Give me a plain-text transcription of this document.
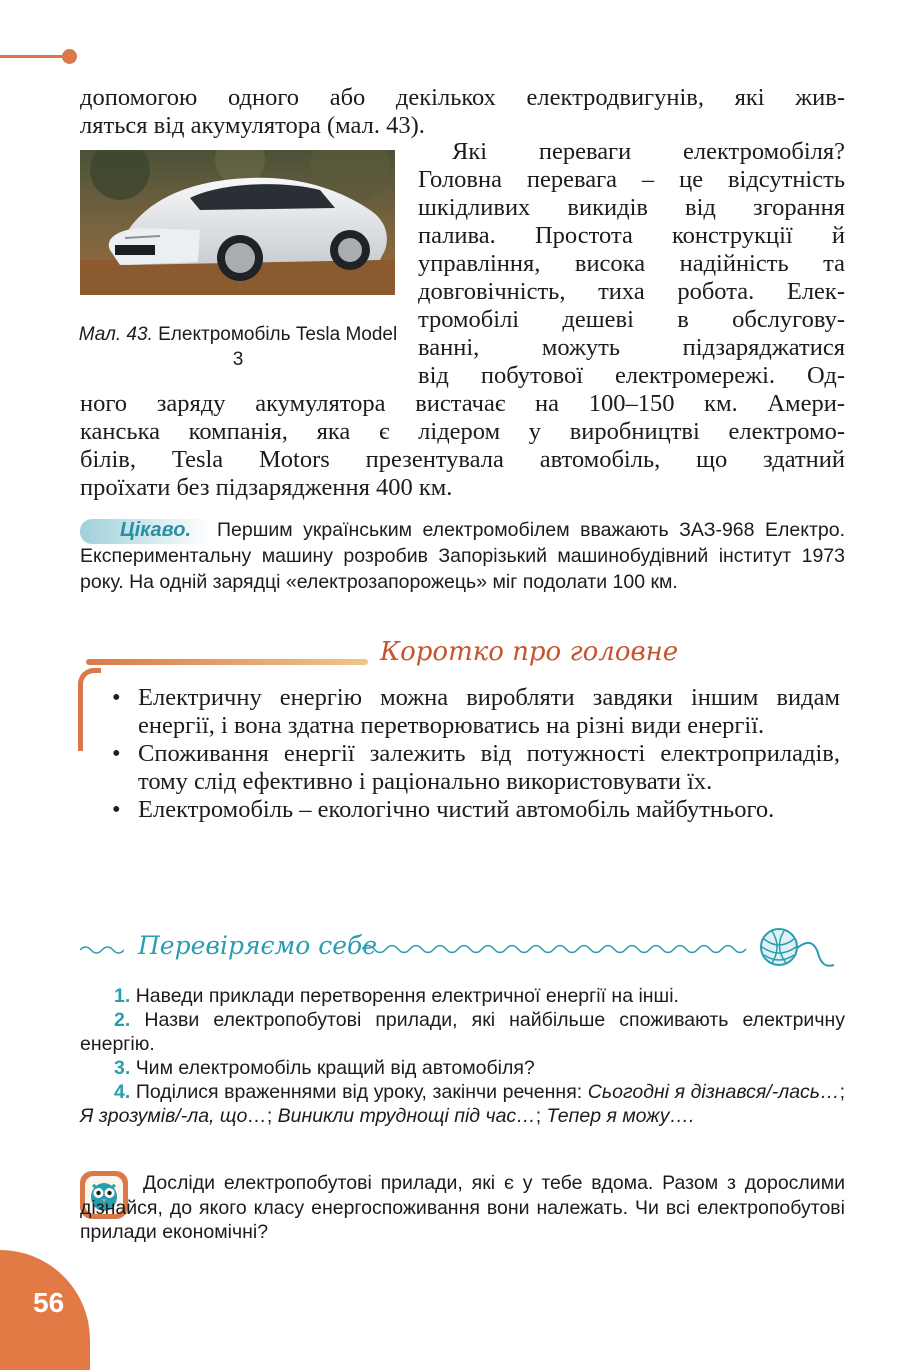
допомогою одного або декількох електродвигунів, які жив-
ляться від акумулятора (мал. 43).
Мал. 43. Електромобіль Tesla Model 3
Які переваги електромобіля?
Головна перевага – це відсутність
шкідливих викидів від згорання
палива. Простота конструкції й
управління, висока надійність та
довговічність, тиха робота. Елек-
тромобілі дешеві в обслугову-
ванні, можуть підзаряджатися
від побутової електромережі. Од-
ного заряду акумулятора вистачає на 100–150 км. Амери-
канська компанія, яка є лідером у виробництві електромо-
білів, Tesla Motors презентувала автомобіль, що здатний
проїхати без підзарядження 400 км.
Цікаво.	Першим українським електромобілем вважають ЗАЗ-968 Електро. Експериментальну машину розробив Запорізький машинобудівний інститут 1973 року. На одній зарядці «електрозапорожець» міг подолати 100 км.
Коротко про головне
• Електричну енергію можна виробляти завдяки іншим видам енергії, і вона здатна перетворюватись на різні види енергії.
• Споживання енергії залежить від потужності електроприладів, тому слід ефективно і раціонально використовувати їх.
• Електромобіль – екологічно чистий автомобіль майбутнього.
Перевіряємо себе
1. Наведи приклади перетворення електричної енергії на інші.
2. Назви електропобутові прилади, які найбільше споживають електричну енергію.
3. Чим електромобіль кращий від автомобіля?
4. Поділися враженнями від уроку, закінчи речення: Сьогодні я дізнався/-лась…; Я зрозумів/-ла, що…; Виникли труднощі під час…; Тепер я можу….
Досліди електропобутові прилади, які є у тебе вдома. Разом з дорослими дізнайся, до якого класу енергоспоживання вони належать. Чи всі електропобутові прилади економічні?
56
